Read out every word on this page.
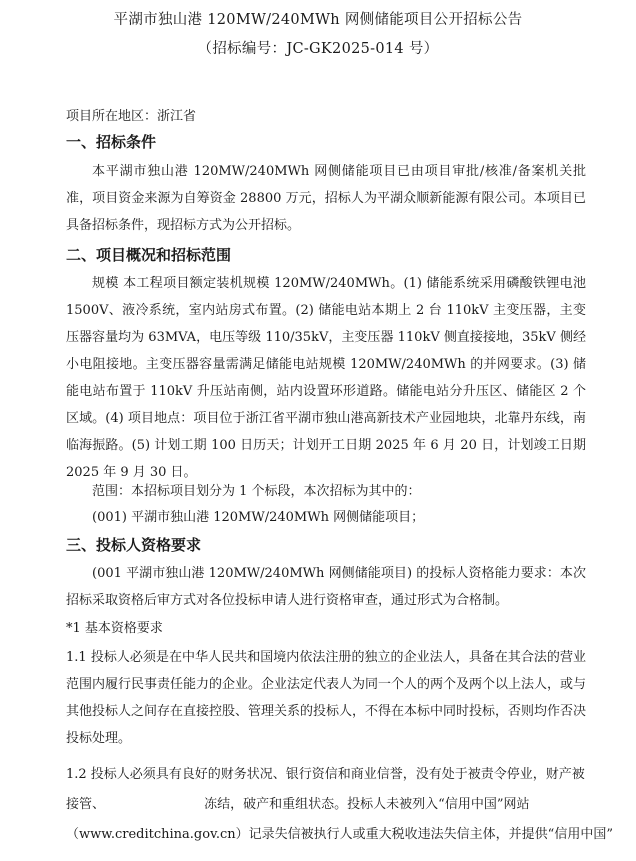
平湖市独山港 120MW/240MWh 网侧储能项目公开招标公告
（招标编号：JC-GK2025-014 号）
项目所在地区：浙江省
一、招标条件
本平湖市独山港 120MW/240MWh 网侧储能项目已由项目审批/核准/备案机关批准，项目资金来源为自筹资金 28800 万元，招标人为平湖众顺新能源有限公司。本项目已具备招标条件，现招标方式为公开招标。
二、项目概况和招标范围
规模 本工程项目额定装机规模 120MW/240MWh。(1) 储能系统采用磷酸铁锂电池 1500V、液冷系统，室内站房式布置。(2) 储能电站本期上 2 台 110kV 主变压器，主变压器容量均为 63MVA，电压等级 110/35kV，主变压器 110kV 侧直接接地，35kV 侧经小电阻接地。主变压器容量需满足储能电站规模 120MW/240MWh 的并网要求。(3) 储能电站布置于 110kV 升压站南侧，站内设置环形道路。储能电站分升压区、储能区 2 个区域。(4) 项目地点：项目位于浙江省平湖市独山港高新技术产业园地块，北靠丹东线，南临海振路。(5) 计划工期 100 日历天；计划开工日期 2025 年 6 月 20 日，计划竣工日期 2025 年 9 月 30 日。
范围：本招标项目划分为 1 个标段，本次招标为其中的：
(001) 平湖市独山港 120MW/240MWh 网侧储能项目；
三、投标人资格要求
(001 平湖市独山港 120MW/240MWh 网侧储能项目) 的投标人资格能力要求：本次招标采取资格后审方式对各位投标申请人进行资格审查，通过形式为合格制。
*1 基本资格要求
1.1 投标人必须是在中华人民共和国境内依法注册的独立的企业法人，具备在其合法的营业范围内履行民事责任能力的企业。企业法定代表人为同一个人的两个及两个以上法人，或与其他投标人之间存在直接控股、管理关系的投标人，不得在本标中同时投标，否则均作否决投标处理。
1.2 投标人必须具有良好的财务状况、银行资信和商业信誉，没有处于被责令停业，财产被
接管、                        冻结，破产和重组状态。投标人未被列入“信用中国”网站
（www.creditchina.gov.cn）记录失信被执行人或重大税收违法失信主体，并提供“信用中国”
